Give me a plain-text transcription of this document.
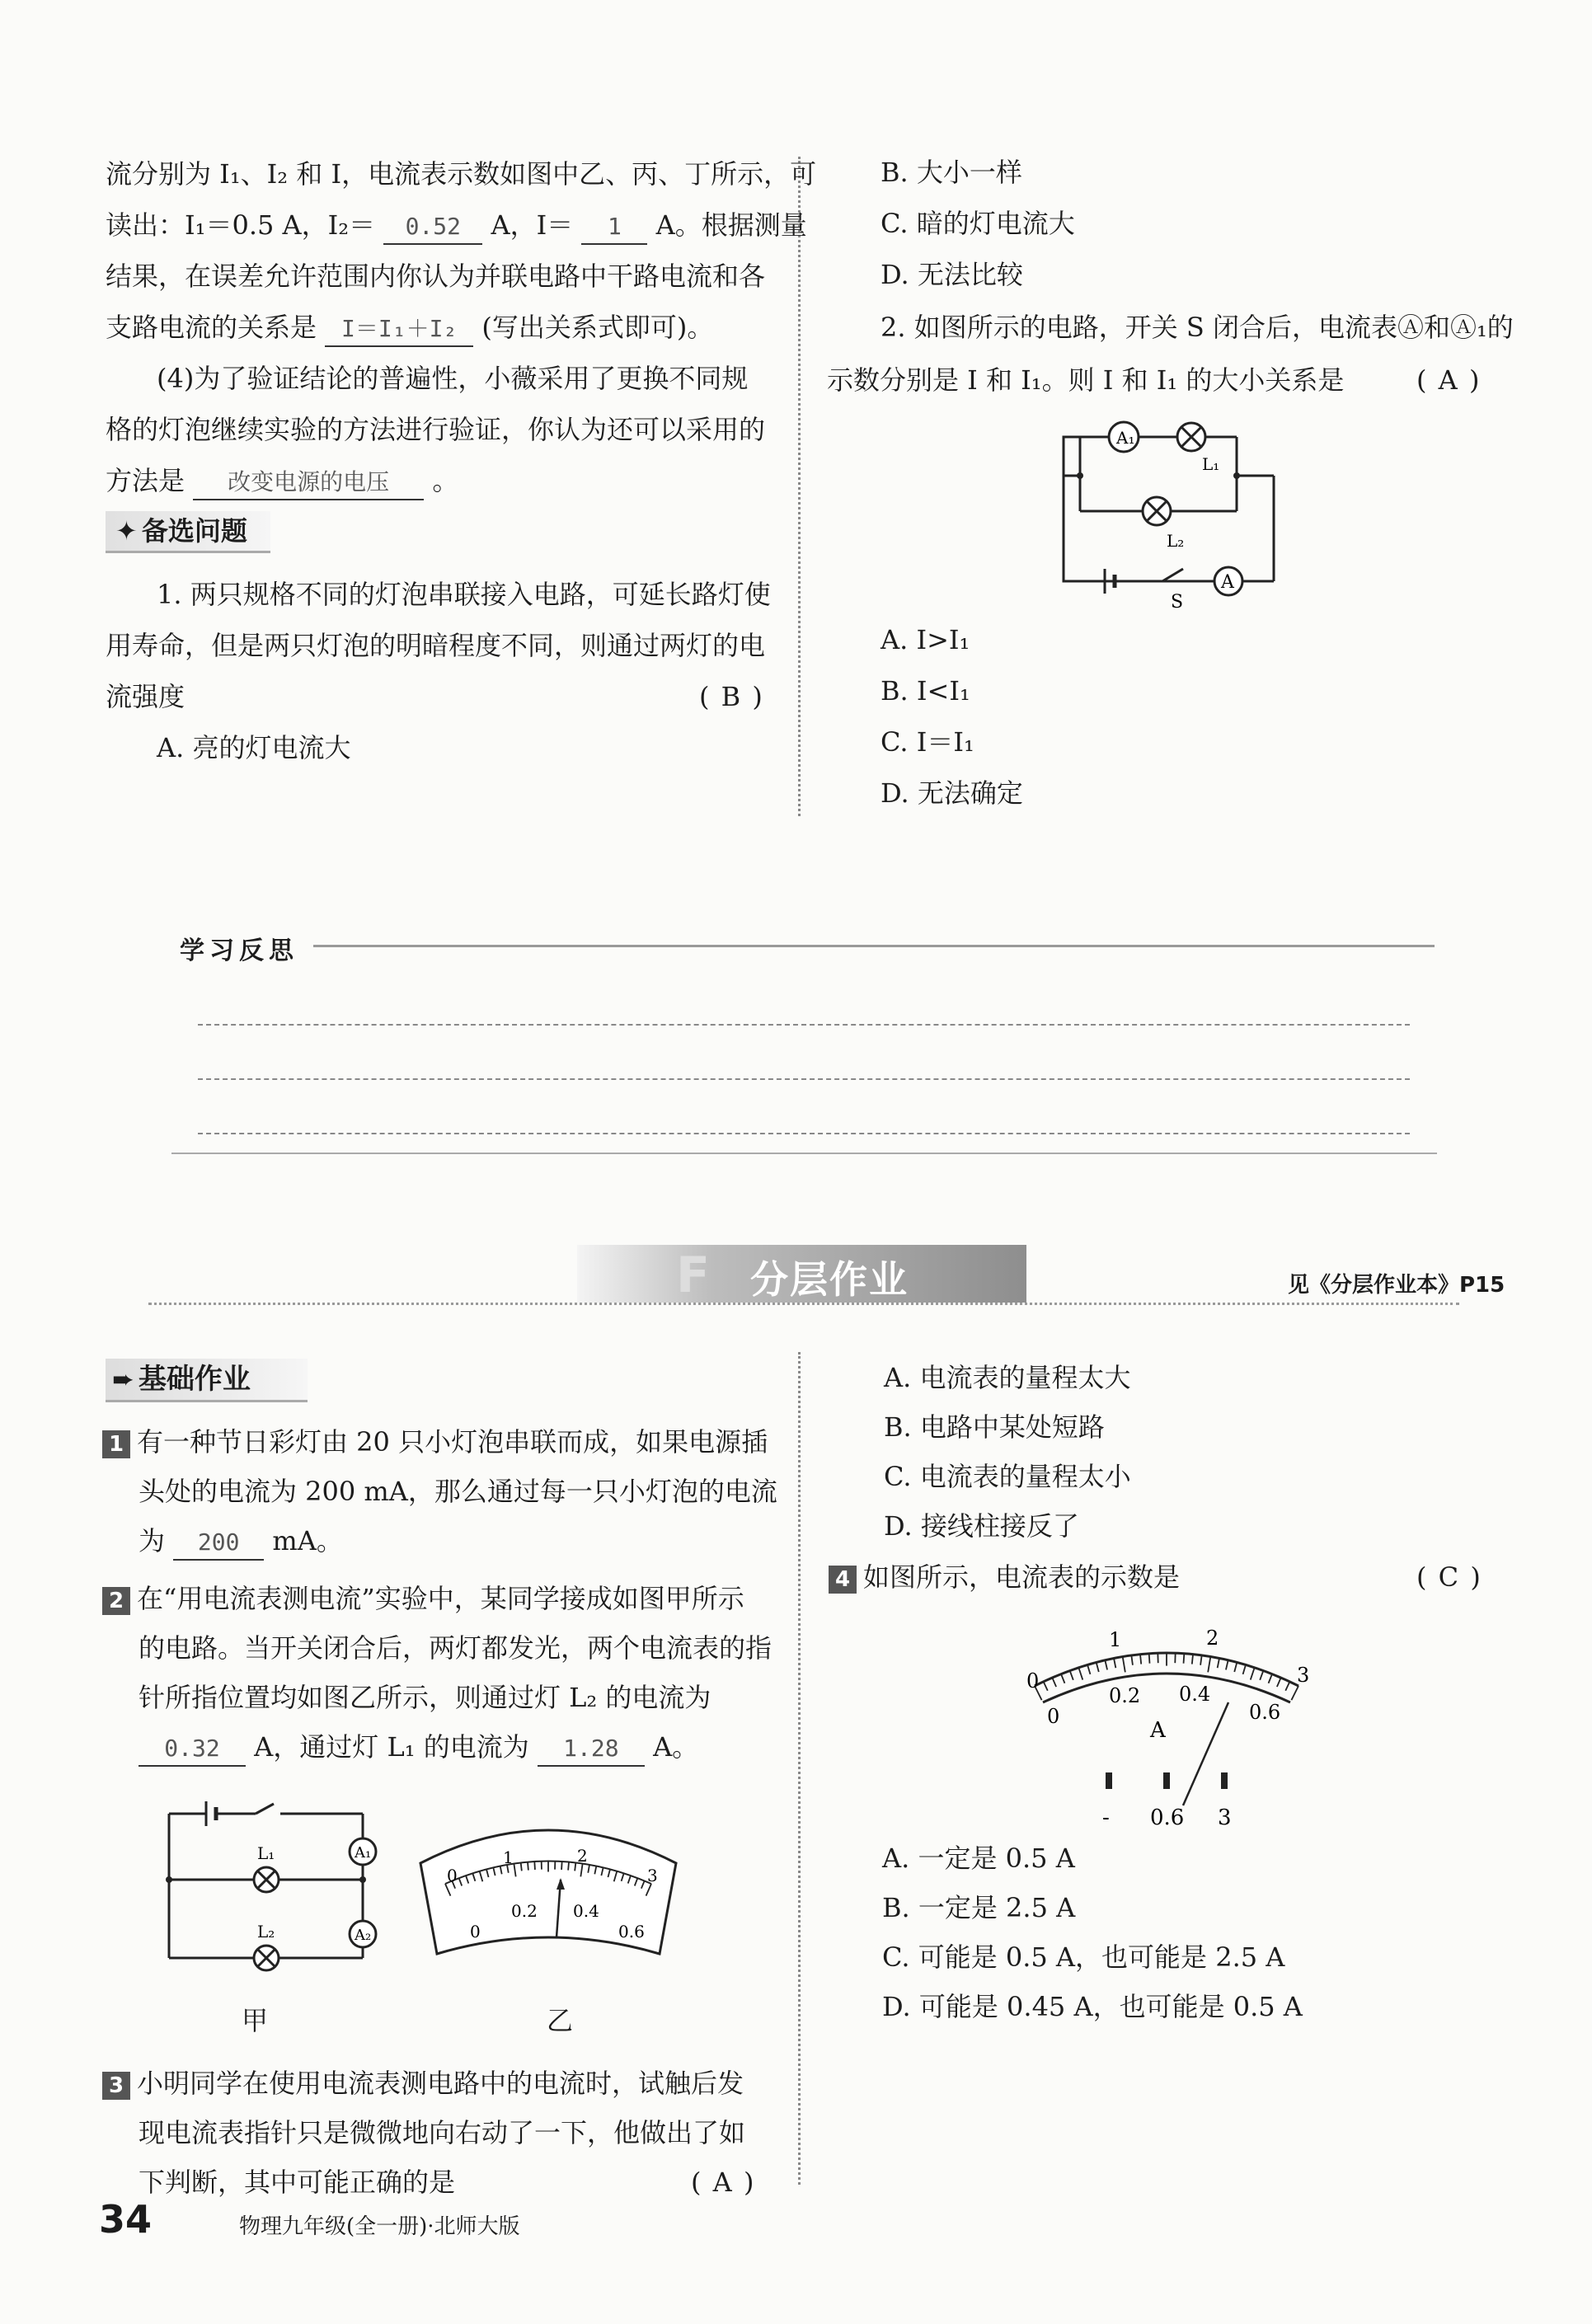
流分别为 I₁、I₂ 和 I，电流表示数如图中乙、丙、丁所示，可
读出：I₁＝0.5 A，I₂＝ 0.52 A，I＝ 1 A。根据测量
结果，在误差允许范围内你认为并联电路中干路电流和各
支路电流的关系是 I＝I₁＋I₂ (写出关系式即可)。
(4)为了验证结论的普遍性，小薇采用了更换不同规
格的灯泡继续实验的方法进行验证，你认为还可以采用的
方法是 改变电源的电压 。
✦ 备选问题
1. 两只规格不同的灯泡串联接入电路，可延长路灯使
用寿命，但是两只灯泡的明暗程度不同，则通过两灯的电
流强度	( B )
A. 亮的灯电流大
B. 大小一样
C. 暗的灯电流大
D. 无法比较
2. 如图所示的电路，开关 S 闭合后，电流表Ⓐ和Ⓐ₁的
示数分别是 I 和 I₁。则 I 和 I₁ 的大小关系是	( A )
A₁
L₁
L₂
A
S
A. I>I₁
B. I<I₁
C. I＝I₁
D. 无法确定
学习反思
F 分层作业	见《分层作业本》P15
➨ 基础作业
1 有一种节日彩灯由 20 只小灯泡串联而成，如果电源插
头处的电流为 200 mA，那么通过每一只小灯泡的电流
为 200 mA。
2 在“用电流表测电流”实验中，某同学接成如图甲所示
的电路。当开关闭合后，两灯都发光，两个电流表的指
针所指位置均如图乙所示，则通过灯 L₂ 的电流为
0.32 A，通过灯 L₁ 的电流为 1.28 A。
L₁
L₂
A₁
A₂
甲
0
1	2
3
0
0.2 0.4
0.6
乙
3 小明同学在使用电流表测电路中的电流时，试触后发
现电流表指针只是微微地向右动了一下，他做出了如
下判断，其中可能正确的是	( A )
A. 电流表的量程太大
B. 电路中某处短路
C. 电流表的量程太小
D. 接线柱接反了
4 如图所示，电流表的示数是	( C )
0
1	2
3
0
0.2 0.4
0.6
A
- 0.6 3
A. 一定是 0.5 A
B. 一定是 2.5 A
C. 可能是 0.5 A，也可能是 2.5 A
D. 可能是 0.45 A，也可能是 0.5 A
34	物理九年级(全一册)·北师大版
